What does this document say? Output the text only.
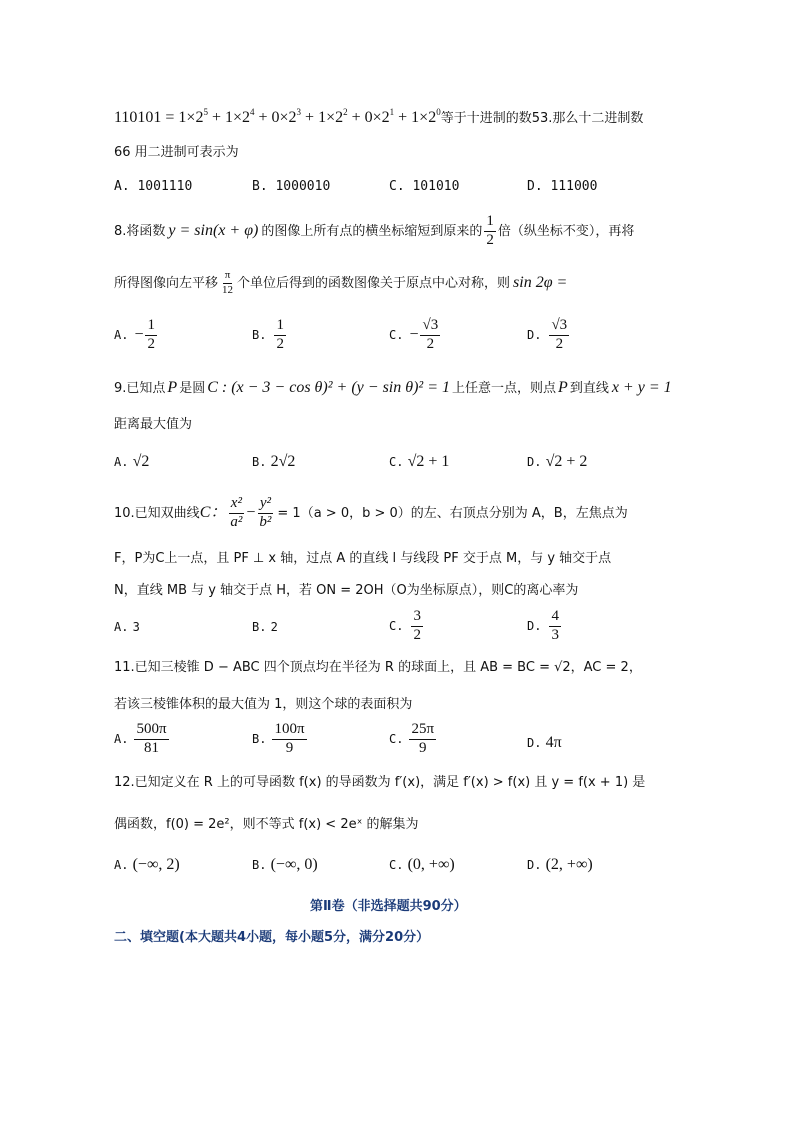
$110101 = 1\times 2^5 + 1\times 2^4 + 0\times 2^3 + 1\times 2^2 + 0\times 2^1 + 1\times 2^0$等于十进制的数53.那么十二进制数
66 用二进制可表示为
A. 1001110	B. 1000010	C. 101010	D. 111000
8.将函数 y = sin(x + φ) 的图像上所有点的横坐标缩短到原来的 $\frac{1}{2}$ 倍（纵坐标不变），再将
所得图像向左平移 $\frac{\pi}{12}$ 个单位后得到的函数图像关于原点中心对称，则 sin 2φ =
A. − $\frac{1}{2}$	B. $\frac{1}{2}$	C. − $\frac{√3}{2}$	D. $\frac{√3}{2}$
9.已知点 P 是圆 C : (x − 3 − cos θ)² + (y − sin θ)² = 1 上任意一点，则点 P 到直线 x + y = 1
距离最大值为
A. √2	B. 2√2	C. √2 + 1	D. √2 + 2
10.已知双曲线 C： $\frac{\text{x²}}{\text{a²}} - \frac{\text{y²}}{\text{b²}} = 1(a > 0$，b > 0）的左、右顶点分别为 A，B，左焦点为
F，P为C上一点，且 PF ⊥ x 轴，过点 A 的直线 l 与线段 PF 交于点 M，与 y 轴交于点
N，直线 MB 与 y 轴交于点 H，若 ON = 2OH（O为坐标原点），则C的离心率为
A. 3	B. 2	C. $\frac{3}{2}$	D. $\frac{4}{3}$
11.已知三棱锥 D − ABC 四个顶点均在半径为 R 的球面上，且 AB = BC = √2，AC = 2，
若该三棱锥体积的最大值为 1，则这个球的表面积为
A. $\frac{500\pi}{81}$	B. $\frac{100\pi}{9}$	C. $\frac{25\pi}{9}$	D. 4π
12.已知定义在 R 上的可导函数 f(x) 的导函数为 f′(x)，满足 f′(x) > f(x) 且 y = f(x + 1) 是
偶函数，f(0) = 2e²，则不等式 f(x) < 2eˣ 的解集为
A. (−∞, 2)	B. (−∞, 0)	C. (0, +∞)	D. (2, +∞)
第Ⅱ卷（非选择题共90分）
二、填空题(本大题共4小题，每小题5分，满分20分）
